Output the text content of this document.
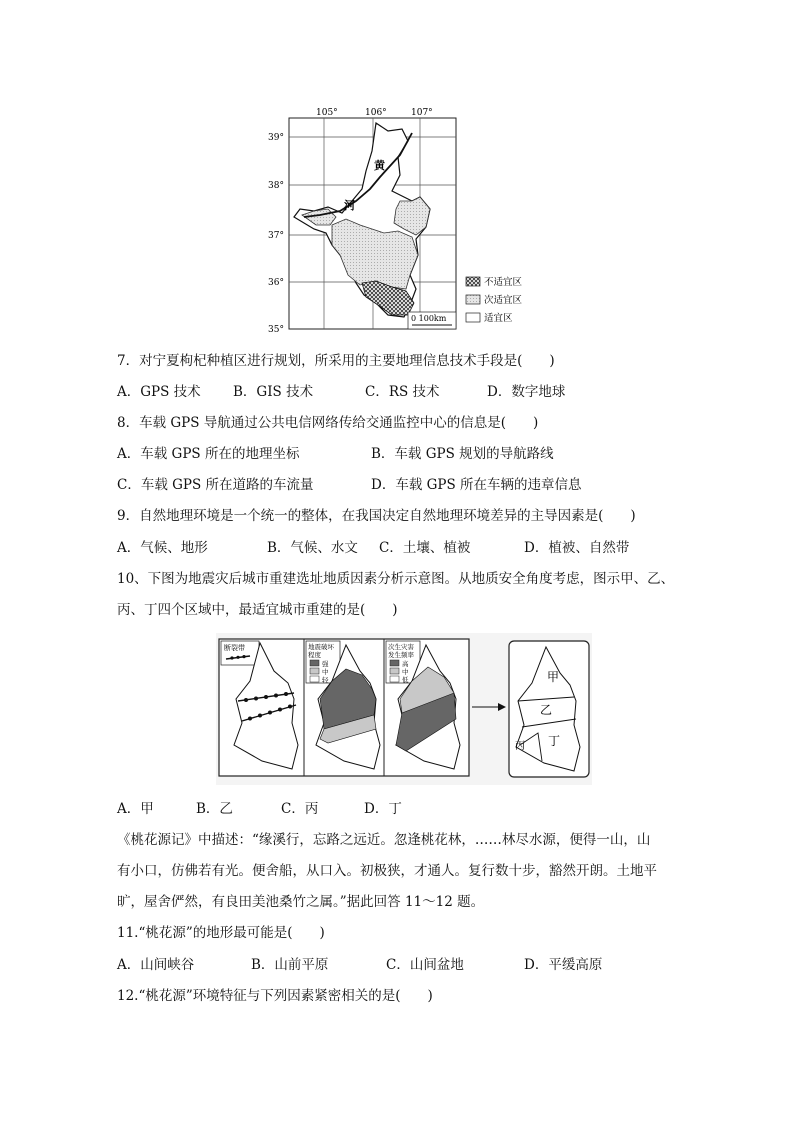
105°	106°	107°
39°
38°
37°
36°
35°
黄
河
不适宜区
次适宜区
适宜区
0 100km
7．对宁夏枸杞种植区进行规划，所采用的主要地理信息技术手段是(　　)
A．GPS 技术 B．GIS 技术	C．RS 技术	D．数字地球
8．车载 GPS 导航通过公共电信网络传给交通监控中心的信息是(　　)
A．车载 GPS 所在的地理坐标	B．车载 GPS 规划的导航路线
C．车载 GPS 所在道路的车流量	D．车载 GPS 所在车辆的违章信息
9．自然地理环境是一个统一的整体，在我国决定自然地理环境差异的主导因素是(　　)
A．气候、地形	B．气候、水文 C．土壤、植被	D．植被、自然带
10、下图为地震灾后城市重建选址地质因素分析示意图。从地质安全角度考虑，图示甲、乙、
丙、丁四个区域中，最适宜城市重建的是(　　)
断裂带	地震破坏
程度
强
中
轻
次生灾害
发生频率
高
中
低	甲
乙
丙 丁
A．甲	B．乙	C．丙	D．丁
《桃花源记》中描述：“缘溪行，忘路之远近。忽逢桃花林，……林尽水源，便得一山，山
有小口，仿佛若有光。便舍船，从口入。初极狭，才通人。复行数十步，豁然开朗。土地平
旷，屋舍俨然，有良田美池桑竹之属。”据此回答 11～12 题。
11.“桃花源”的地形最可能是(　　)
A．山间峡谷	B．山前平原	C．山间盆地	D．平缓高原
12.“桃花源”环境特征与下列因素紧密相关的是(　　)
